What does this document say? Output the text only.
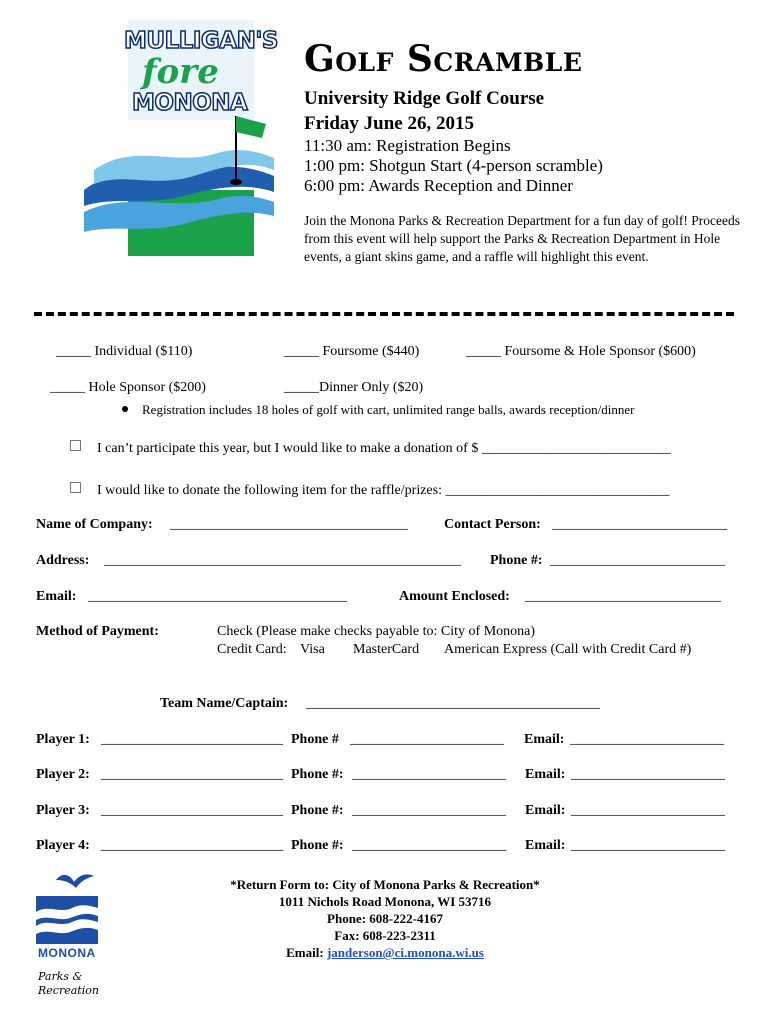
MULLIGAN'S
fore
MONONA
Golf Scramble
University Ridge Golf Course
Friday June 26, 2015
11:30 am: Registration Begins
1:00 pm: Shotgun Start (4-person scramble)
6:00 pm: Awards Reception and Dinner
Join the Monona Parks & Recreation Department for a fun day of golf! Proceeds from this event will help support the Parks & Recreation Department in Hole events, a giant skins game, and a raffle will highlight this event.
_____ Individual ($110)	_____ Foursome ($440)	_____ Foursome & Hole Sponsor ($600)
_____ Hole Sponsor ($200)	_____Dinner Only ($20)
Registration includes 18 holes of golf with cart, unlimited range balls, awards reception/dinner
I can’t participate this year, but I would like to make a donation of $ ___________________________
I would like to donate the following item for the raffle/prizes: ________________________________
Name of Company: __________________________________	Contact Person: _________________________
Address: ___________________________________________________ Phone #: _________________________
Email: _____________________________________	Amount Enclosed: ____________________________
Method of Payment:	Check (Please make checks payable to: City of Monona)
Credit Card: Visa MasterCard American Express (Call with Credit Card #)
Team Name/Captain: __________________________________________
Player 1: __________________________ Phone # ______________________ Email: ______________________
Player 2: __________________________ Phone #: ______________________ Email: ______________________
Player 3: __________________________ Phone #: ______________________ Email: ______________________
Player 4: __________________________ Phone #: ______________________ Email: ______________________
MONONA
Parks &
Recreation
*Return Form to: City of Monona Parks & Recreation*
1011 Nichols Road Monona, WI 53716
Phone: 608-222-4167
Fax: 608-223-2311
Email: janderson@ci.monona.wi.us
